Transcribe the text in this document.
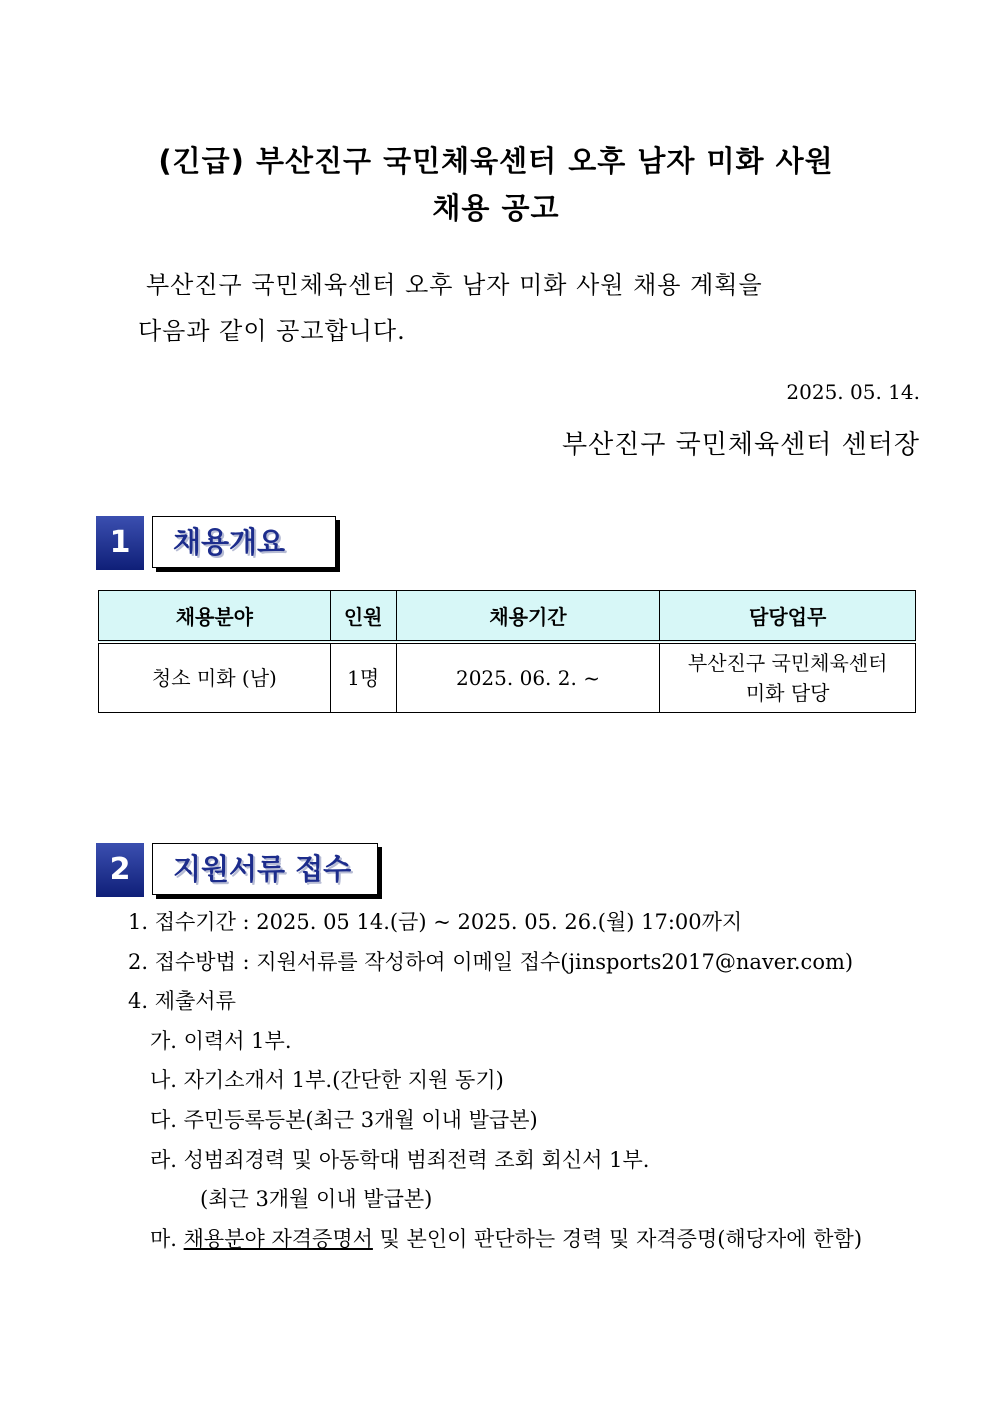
(긴급) 부산진구 국민체육센터 오후 남자 미화 사원
채용 공고
부산진구 국민체육센터 오후 남자 미화 사원 채용 계획을
다음과 같이 공고합니다.
2025. 05. 14.
부산진구 국민체육센터 센터장
1	채용개요
채용분야	인원	채용기간	담당업무
청소 미화 (남)	1명	2025. 06. 2. ~	부산진구 국민체육센터
미화 담당
2	지원서류 접수
1. 접수기간 : 2025. 05 14.(금) ~ 2025. 05. 26.(월) 17:00까지
2. 접수방법 : 지원서류를 작성하여 이메일 접수(jinsports2017@naver.com)
4. 제출서류
가. 이력서 1부.
나. 자기소개서 1부.(간단한 지원 동기)
다. 주민등록등본(최근 3개월 이내 발급본)
라. 성범죄경력 및 아동학대 범죄전력 조회 회신서 1부.
(최근 3개월 이내 발급본)
마. 채용분야 자격증명서 및 본인이 판단하는 경력 및 자격증명(해당자에 한함)
